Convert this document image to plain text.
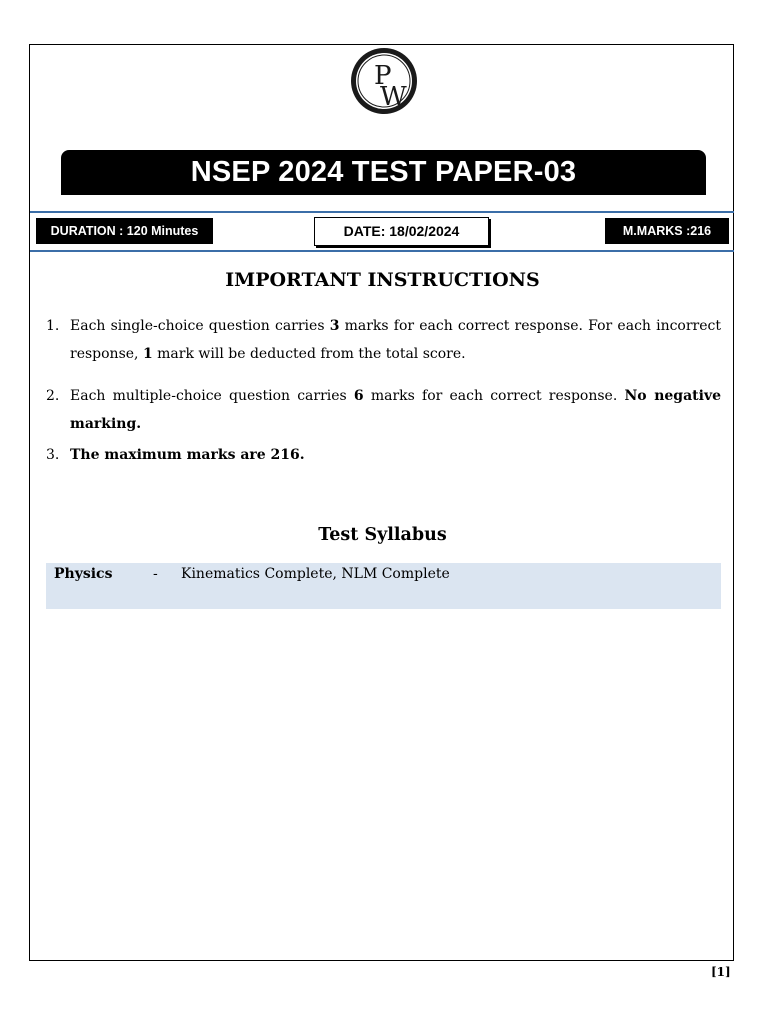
P
W
NSEP 2024 TEST PAPER-03
DURATION : 120 Minutes	DATE: 18/02/2024	M.MARKS :216
IMPORTANT INSTRUCTIONS
1. Each single-choice question carries 3 marks for each correct response. For each incorrect response, 1 mark will be deducted from the total score.
2. Each multiple-choice question carries 6 marks for each correct response. No negative marking.
3. The maximum marks are 216.
Test Syllabus
Physics	- Kinematics Complete, NLM Complete
[1]
